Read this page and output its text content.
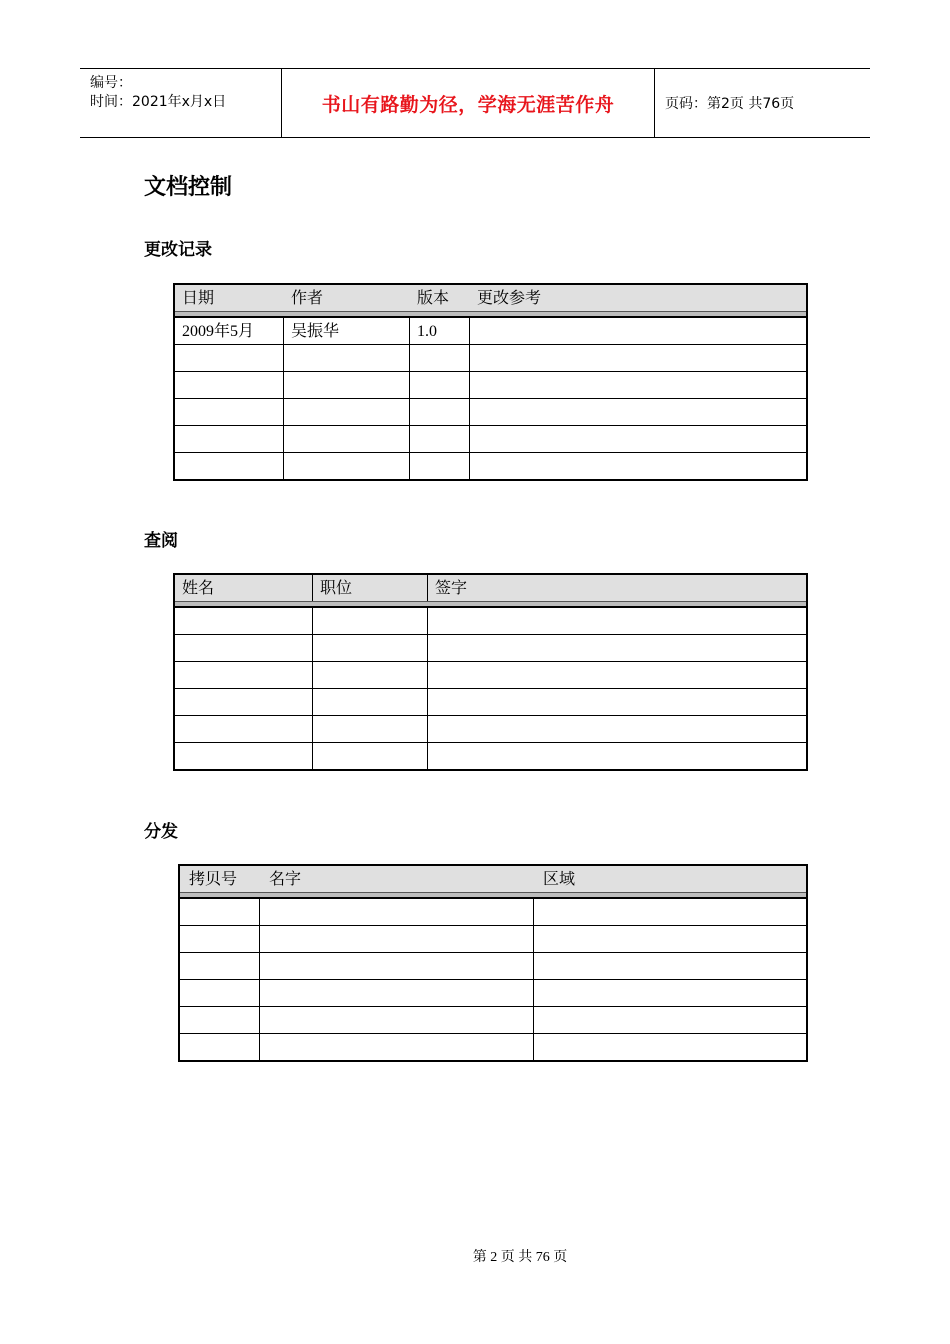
编号：
时间：2021年x月x日	书山有路勤为径，学海无涯苦作舟	页码：第2页 共76页
文档控制
更改记录
日期	作者	版本	更改参考
2009年5月	吴振华	1.0
查阅
姓名	职位	签字
分发
拷贝号	名字	区域
第 2 页 共 76 页
